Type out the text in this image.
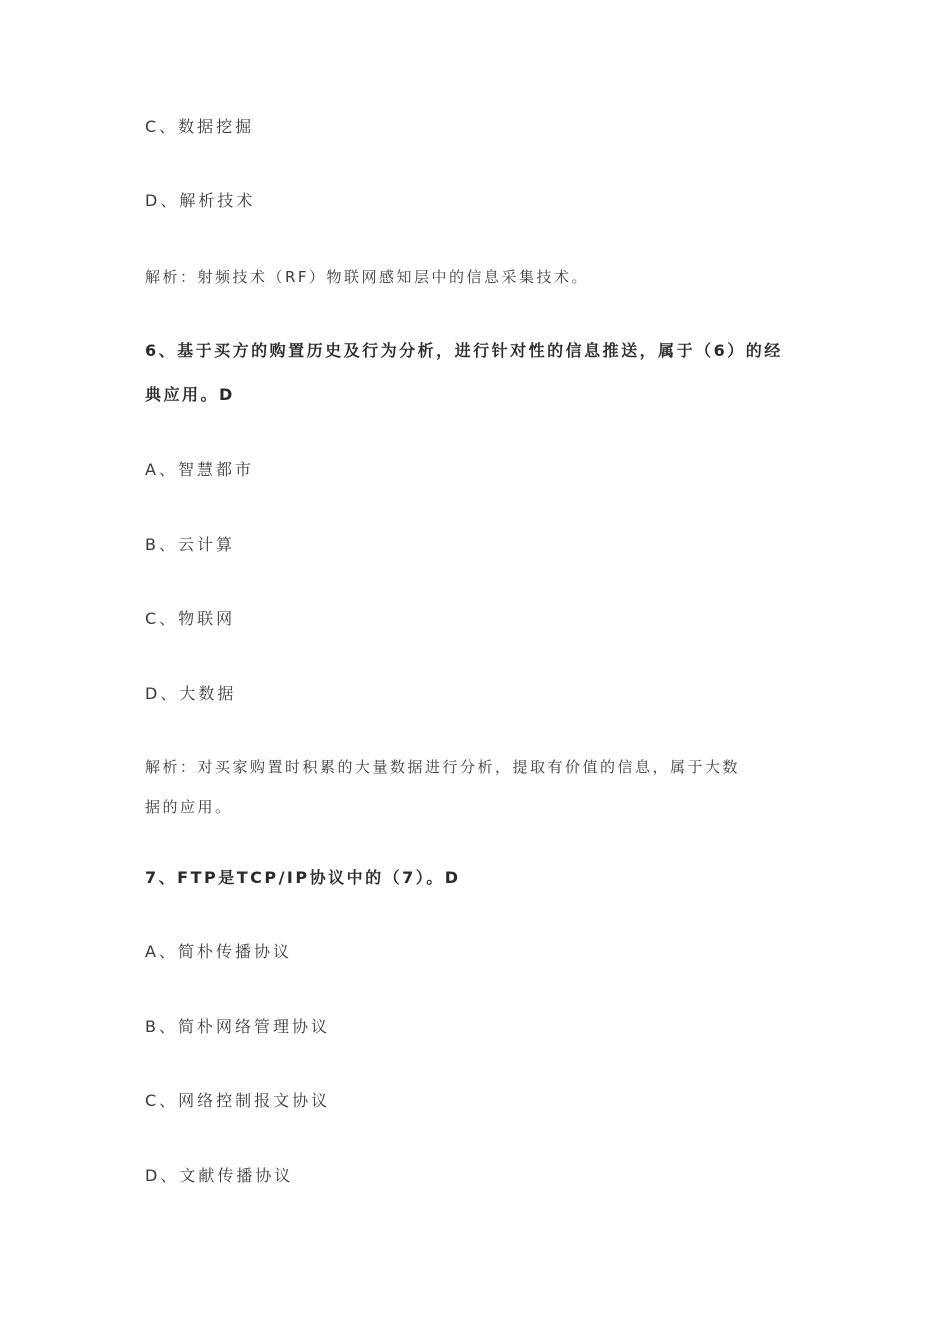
C、数据挖掘
D、解析技术
解析：射频技术（RF）物联网感知层中的信息采集技术。
6、基于买方的购置历史及行为分析，进行针对性的信息推送，属于（6）的经
典应用。D
A、智慧都市
B、云计算
C、物联网
D、大数据
解析：对买家购置时积累的大量数据进行分析，提取有价值的信息，属于大数
据的应用。
7、FTP是TCP/IP协议中的（7）。D
A、简朴传播协议
B、简朴网络管理协议
C、网络控制报文协议
D、文献传播协议
